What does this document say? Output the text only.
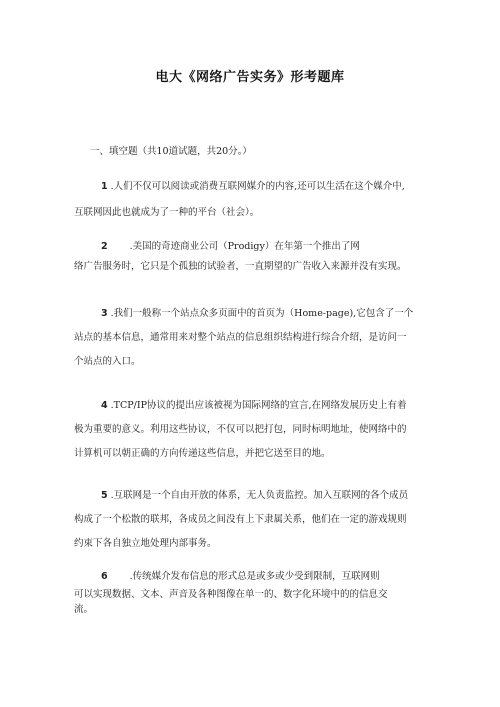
电大《网络广告实务》形考题库
一、填空题（共10道试题，共20分。）
1 .人们不仅可以阅读或消费互联网媒介的内容,还可以生活在这个媒介中,
互联网因此也就成为了一种的平台（社会）。
2 .美国的奇迹商业公司（Prodigy）在年第一个推出了网
络广告服务时，它只是个孤独的试验者，一直期望的广告收入来源并没有实现。
3 .我们一般称一个站点众多页面中的首页为（Home-page),它包含了一个
站点的基本信息，通常用来对整个站点的信息组织结构进行综合介绍，是访问一
个站点的入口。
4 .TCP/IP协议的提出应该被视为国际网络的宣言,在网络发展历史上有着
极为重要的意义。利用这些协议，不仅可以把打包，同时标明地址，使网络中的
计算机可以朝正确的方向传递这些信息，并把它送至目的地。
5 .互联网是一个自由开放的体系，无人负责监控。加入互联网的各个成员
构成了一个松散的联邦，各成员之间没有上下隶属关系，他们在一定的游戏规则
约束下各自独立地处理内部事务。
6 .传统媒介发布信息的形式总是或多或少受到限制，互联网则
可以实现数据、文本、声音及各种图像在单一的、数字化环境中的的信息交
流。
